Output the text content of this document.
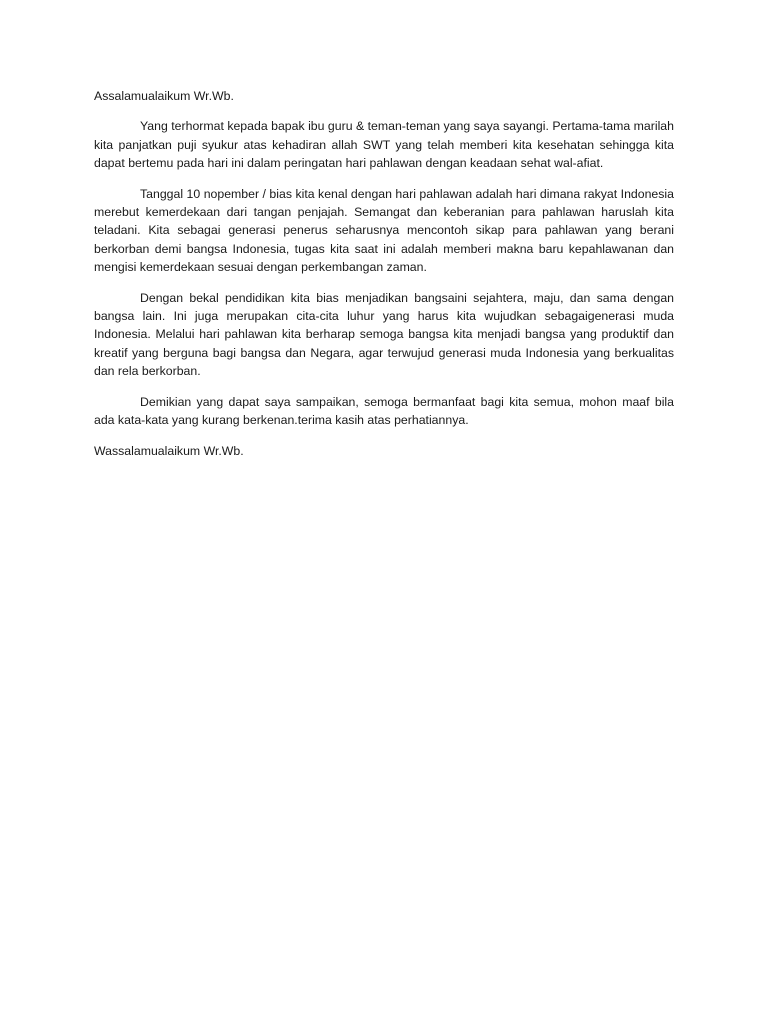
Assalamualaikum Wr.Wb.

Yang terhormat kepada bapak ibu guru & teman-teman yang saya sayangi. Pertama-tama marilah kita panjatkan puji syukur atas kehadiran allah SWT yang telah memberi kita kesehatan sehingga kita dapat bertemu pada hari ini dalam peringatan hari pahlawan dengan keadaan sehat wal-afiat.

Tanggal 10 nopember / bias kita kenal dengan hari pahlawan adalah hari dimana rakyat Indonesia merebut kemerdekaan dari tangan penjajah. Semangat dan keberanian para pahlawan haruslah kita teladani. Kita sebagai generasi penerus seharusnya mencontoh sikap para pahlawan yang berani berkorban demi bangsa Indonesia, tugas kita saat ini adalah memberi makna baru kepahlawanan dan mengisi kemerdekaan sesuai dengan perkembangan zaman.

Dengan bekal pendidikan kita bias menjadikan bangsaini sejahtera, maju, dan sama dengan bangsa lain. Ini juga merupakan cita-cita luhur yang harus kita wujudkan sebagaigenerasi muda Indonesia. Melalui hari pahlawan kita berharap semoga bangsa kita menjadi bangsa yang produktif dan kreatif yang berguna bagi bangsa dan Negara, agar terwujud generasi muda Indonesia yang berkualitas dan rela berkorban.

Demikian yang dapat saya sampaikan, semoga bermanfaat bagi kita semua, mohon maaf bila ada kata-kata yang kurang berkenan.terima kasih atas perhatiannya.

Wassalamualaikum Wr.Wb.
